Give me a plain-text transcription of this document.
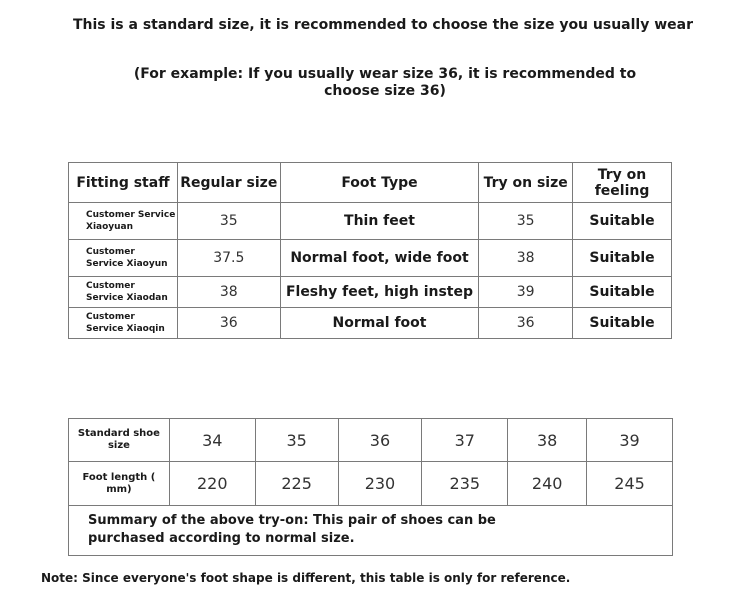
This is a standard size, it is recommended to choose the size you usually wear
(For example: If you usually wear size 36, it is recommended to
choose size 36)
Fitting staff	Regular size	Foot Type	Try on size	Try on feeling
Customer Service
Xiaoyuan	35	Thin feet	35	Suitable
Customer
Service Xiaoyun	37.5	Normal foot, wide foot	38	Suitable
Customer
Service Xiaodan	38	Fleshy feet, high instep	39	Suitable
Customer
Service Xiaoqin	36	Normal foot	36	Suitable
Standard shoe
size	34	35	36	37	38	39
Foot length (
mm)	220	225	230	235	240	245
Summary of the above try-on: This pair of shoes can be
purchased according to normal size.						
Note: Since everyone's foot shape is different, this table is only for reference.
